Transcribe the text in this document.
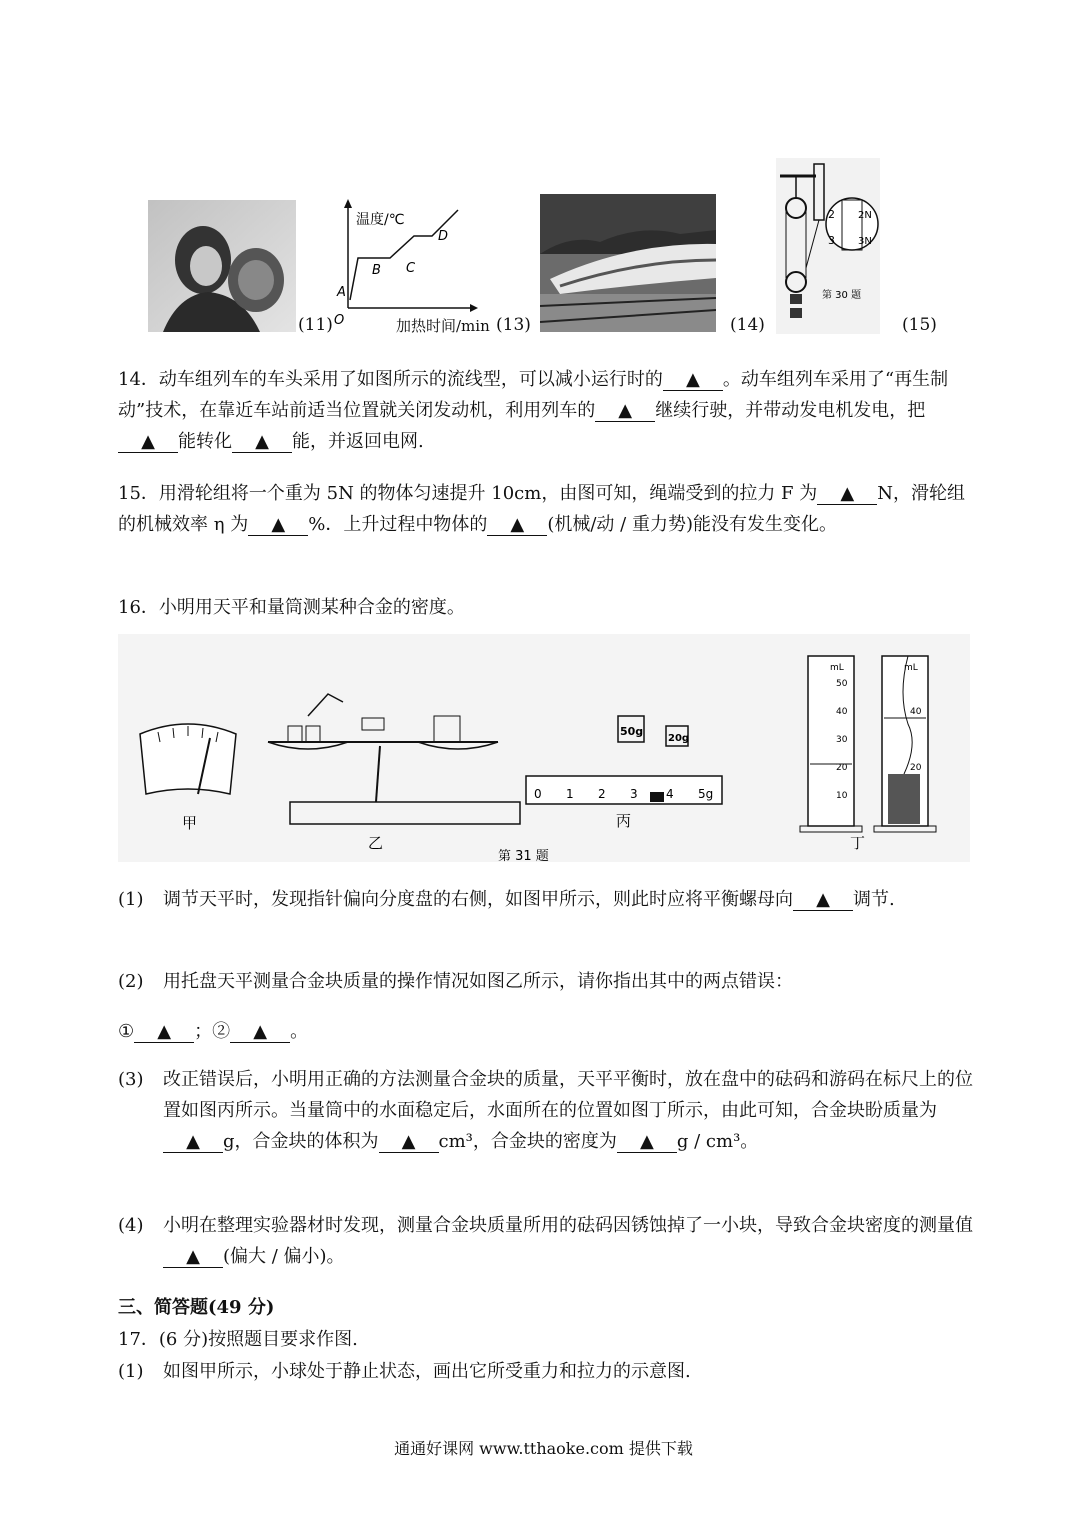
(11)
温度/℃
O
A
B C
D
加热时间/min (13)	(14)
2 2N
3 3N
第 30 题
(15)
14．动车组列车的车头采用了如图所示的流线型，可以减小运行时的 ▲ 。动车组列车采用了“再生制动”技术，在靠近车站前适当位置就关闭发动机，利用列车的 ▲ 继续行驶，并带动发电机发电，把▲ 能转化 ▲ 能，并返回电网.
15．用滑轮组将一个重为 5N 的物体匀速提升 10cm，由图可知，绳端受到的拉力 F 为 ▲ N，滑轮组的机械效率 η 为 ▲ %．上升过程中物体的 ▲ (机械/动 / 重力势)能没有发生变化。
16．小明用天平和量筒测某种合金的密度。
甲
乙
50g
20g
0 1 2 3 4 5g
丙
mL
50
40
30
20
10
mL
40
20
丁
第 31 题
(1) 调节天平时，发现指针偏向分度盘的右侧，如图甲所示，则此时应将平衡螺母向 ▲ 调节.
(2) 用托盘天平测量合金块质量的操作情况如图乙所示，请你指出其中的两点错误：
① ▲ ；② ▲ 。
(3) 改正错误后，小明用正确的方法测量合金块的质量，天平平衡时，放在盘中的砝码和游码在标尺上的位置如图丙所示。当量筒中的水面稳定后，水面所在的位置如图丁所示，由此可知，合金块盼质量为▲ g，合金块的体积为 ▲ cm³，合金块的密度为 ▲ g / cm³。
(4) 小明在整理实验器材时发现，测量合金块质量所用的砝码因锈蚀掉了一小块，导致合金块密度的测量值▲ (偏大 / 偏小)。
三、简答题(49 分)
17．(6 分)按照题目要求作图.
(1) 如图甲所示，小球处于静止状态，画出它所受重力和拉力的示意图.
通通好课网 www.tthaoke.com 提供下载
